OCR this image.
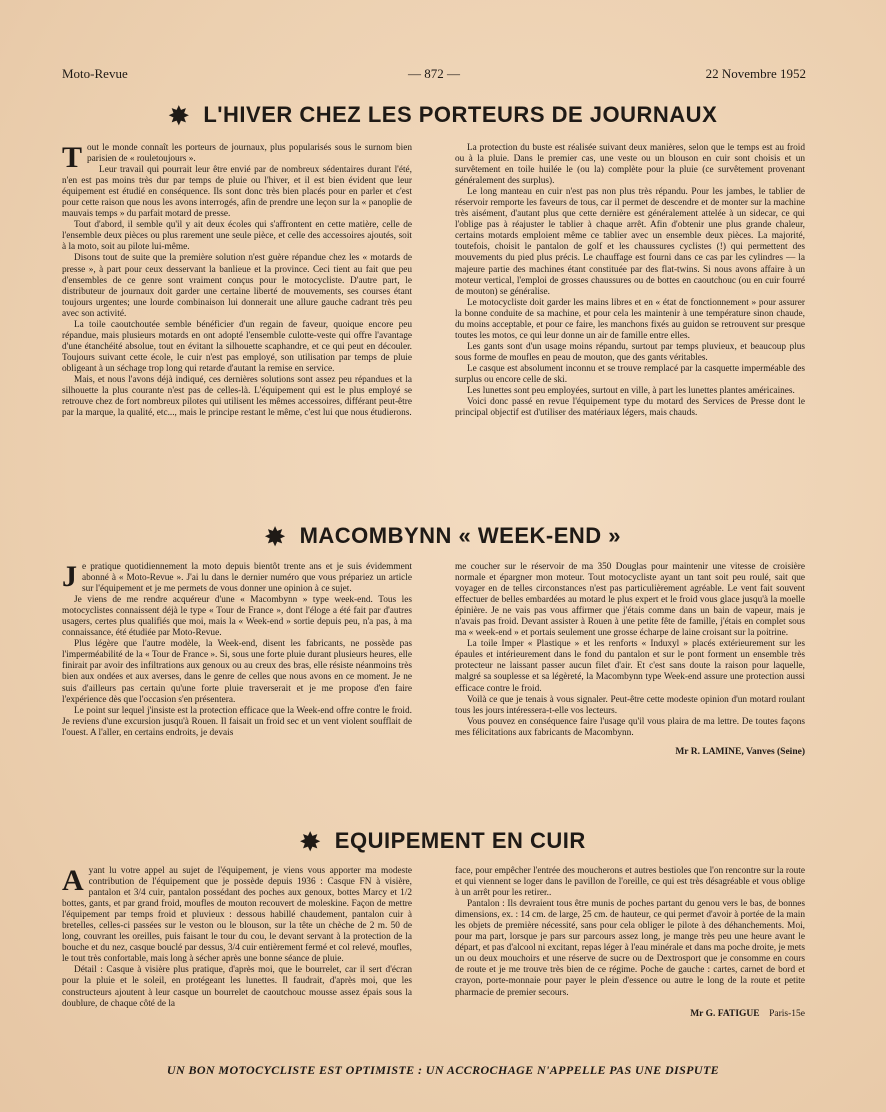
Moto-Revue	— 872 —	22 Novembre 1952
✸ L'HIVER CHEZ LES PORTEURS DE JOURNAUX

Tout le monde connaît les porteurs de journaux, plus popularisés sous le surnom bien parisien de « rouletoujours ».

Leur travail qui pourrait leur être envié par de nombreux sédentaires durant l'été, n'en est pas moins très dur par temps de pluie ou l'hiver, et il est bien évident que leur équipement est étudié en conséquence. Ils sont donc très bien placés pour en parler et c'est pour cette raison que nous les avons interrogés, afin de prendre une leçon sur la « panoplie de mauvais temps » du parfait motard de presse.

Tout d'abord, il semble qu'il y ait deux écoles qui s'affrontent en cette matière, celle de l'ensemble deux pièces ou plus rarement une seule pièce, et celle des accessoires ajoutés, soit à la moto, soit au pilote lui-même.

Disons tout de suite que la première solution n'est guère répandue chez les « motards de presse », à part pour ceux desservant la banlieue et la province. Ceci tient au fait que peu d'ensembles de ce genre sont vraiment conçus pour le motocycliste. D'autre part, le distributeur de journaux doit garder une certaine liberté de mouvements, ses courses étant toujours urgentes; une lourde combinaison lui donnerait une allure gauche cadrant très peu avec son activité.

La toile caoutchoutée semble bénéficier d'un regain de faveur, quoique encore peu répandue, mais plusieurs motards en ont adopté l'ensemble culotte-veste qui offre l'avantage d'une étanchéité absolue, tout en évitant la silhouette scaphandre, et ce qui peut en découler. Toujours suivant cette école, le cuir n'est pas employé, son utilisation par temps de pluie obligeant à un séchage trop long qui retarde d'autant la remise en service.

Mais, et nous l'avons déjà indiqué, ces dernières solutions sont assez peu répandues et la silhouette la plus courante n'est pas de celles-là. L'équipement qui est le plus employé se retrouve chez de fort nombreux pilotes qui utilisent les mêmes accessoires, différant peut-être par la marque, la qualité, etc..., mais le principe restant le même, c'est lui que nous étudierons.

La protection du buste est réalisée suivant deux manières, selon que le temps est au froid ou à la pluie. Dans le premier cas, une veste ou un blouson en cuir sont choisis et un survêtement en toile huilée le (ou la) complète pour la pluie (ce survêtement provenant généralement des surplus).

Le long manteau en cuir n'est pas non plus très répandu. Pour les jambes, le tablier de réservoir remporte les faveurs de tous, car il permet de descendre et de monter sur la machine très aisément, d'autant plus que cette dernière est généralement attelée à un sidecar, ce qui l'oblige pas à réajuster le tablier à chaque arrêt. Afin d'obtenir une plus grande chaleur, certains motards emploient même ce tablier avec un ensemble deux pièces. La majorité, toutefois, choisit le pantalon de golf et les chaussures cyclistes (!) qui permettent des mouvements du pied plus précis. Le chauffage est fourni dans ce cas par les cylindres — la majeure partie des machines étant constituée par des flat-twins. Si nous avons affaire à un moteur vertical, l'emploi de grosses chaussures ou de bottes en caoutchouc (ou en cuir fourré de mouton) se généralise.

Le motocycliste doit garder les mains libres et en « état de fonctionnement » pour assurer la bonne conduite de sa machine, et pour cela les maintenir à une température sinon chaude, du moins acceptable, et pour ce faire, les manchons fixés au guidon se retrouvent sur presque toutes les motos, ce qui leur donne un air de famille entre elles.

Les gants sont d'un usage moins répandu, surtout par temps pluvieux, et beaucoup plus sous forme de moufles en peau de mouton, que des gants véritables.

Le casque est absolument inconnu et se trouve remplacé par la casquette imperméable des surplus ou encore celle de ski.

Les lunettes sont peu employées, surtout en ville, à part les lunettes plantes américaines.

Voici donc passé en revue l'équipement type du motard des Services de Presse dont le principal objectif est d'utiliser des matériaux légers, mais chauds.

✸ MACOMBYNN « WEEK-END »

Je pratique quotidiennement la moto depuis bientôt trente ans et je suis évidemment abonné à « Moto-Revue ». J'ai lu dans le dernier numéro que vous prépariez un article sur l'équipement et je me permets de vous donner une opinion à ce sujet.

Je viens de me rendre acquéreur d'une « Macombynn » type week-end. Tous les motocyclistes connaissent déjà le type « Tour de France », dont l'éloge a été fait par d'autres usagers, certes plus qualifiés que moi, mais la « Week-end » sortie depuis peu, n'a pas, à ma connaissance, été étudiée par Moto-Revue.

Plus légère que l'autre modèle, la Week-end, disent les fabricants, ne possède pas l'imperméabilité de la « Tour de France ». Si, sous une forte pluie durant plusieurs heures, elle finirait par avoir des infiltrations aux genoux ou au creux des bras, elle résiste néanmoins très bien aux ondées et aux averses, dans le genre de celles que nous avons en ce moment. Je ne suis d'ailleurs pas certain qu'une forte pluie traverserait et je me propose d'en faire l'expérience dès que l'occasion s'en présentera.

Le point sur lequel j'insiste est la protection efficace que la Week-end offre contre le froid. Je reviens d'une excursion jusqu'à Rouen. Il faisait un froid sec et un vent violent soufflait de l'ouest. A l'aller, en certains endroits, je devais

me coucher sur le réservoir de ma 350 Douglas pour maintenir une vitesse de croisière normale et épargner mon moteur. Tout motocycliste ayant un tant soit peu roulé, sait que voyager en de telles circonstances n'est pas particulièrement agréable. Le vent fait souvent effectuer de belles embardées au motard le plus expert et le froid vous glace jusqu'à la moelle épinière. Je ne vais pas vous affirmer que j'étais comme dans un bain de vapeur, mais je n'avais pas froid. Devant assister à Rouen à une petite fête de famille, j'étais en complet sous ma « week-end » et portais seulement une grosse écharpe de laine croisant sur la poitrine.

La toile Imper « Plastique » et les renforts « Induxyl » placés extérieurement sur les épaules et intérieurement dans le fond du pantalon et sur le pont forment un ensemble très protecteur ne laissant passer aucun filet d'air. Et c'est sans doute la raison pour laquelle, malgré sa souplesse et sa légèreté, la Macombynn type Week-end assure une protection aussi efficace contre le froid.

Voilà ce que je tenais à vous signaler. Peut-être cette modeste opinion d'un motard roulant tous les jours intéressera-t-elle vos lecteurs.

Vous pouvez en conséquence faire l'usage qu'il vous plaira de ma lettre. De toutes façons mes félicitations aux fabricants de Macombynn.

Mr R. LAMINE, Vanves (Seine)
✸ EQUIPEMENT EN CUIR

Ayant lu votre appel au sujet de l'équipement, je viens vous apporter ma modeste contribution de l'équipement que je possède depuis 1936 : Casque FN à visière, pantalon et 3/4 cuir, pantalon possédant des poches aux genoux, bottes Marcy et 1/2 bottes, gants, et par grand froid, moufles de mouton recouvert de moleskine. Façon de mettre l'équipement par temps froid et pluvieux : dessous habillé chaudement, pantalon cuir à bretelles, celles-ci passées sur le veston ou le blouson, sur la tête un chèche de 2 m. 50 de long, couvrant les oreilles, puis faisant le tour du cou, le devant servant à la protection de la bouche et du nez, casque bouclé par dessus, 3/4 cuir entièrement fermé et col relevé, moufles, le tout très confortable, mais long à sécher après une bonne séance de pluie.

Détail : Casque à visière plus pratique, d'après moi, que le bourrelet, car il sert d'écran pour la pluie et le soleil, en protégeant les lunettes. Il faudrait, d'après moi, que les constructeurs ajoutent à leur casque un bourrelet de caoutchouc mousse assez épais sous la doublure, de chaque côté de la

face, pour empêcher l'entrée des moucherons et autres bestioles que l'on rencontre sur la route et qui viennent se loger dans le pavillon de l'oreille, ce qui est très désagréable et vous oblige à un arrêt pour les retirer..

Pantalon : Ils devraient tous être munis de poches partant du genou vers le bas, de bonnes dimensions, ex. : 14 cm. de large, 25 cm. de hauteur, ce qui permet d'avoir à portée de la main les objets de première nécessité, sans pour cela obliger le pilote à des déhanchements. Moi, pour ma part, lorsque je pars sur parcours assez long, je mange très peu une heure avant le départ, et pas d'alcool ni excitant, repas léger à l'eau minérale et dans ma poche droite, je mets un ou deux mouchoirs et une réserve de sucre ou de Dextrosport que je consomme en cours de route et je me trouve très bien de ce régime. Poche de gauche : cartes, carnet de bord et crayon, porte-monnaie pour payer le plein d'essence ou autre le long de la route et petite pharmacie de premier secours.

Mr G. FATIGUE Paris-15e
UN BON MOTOCYCLISTE EST OPTIMISTE : UN ACCROCHAGE N'APPELLE PAS UNE DISPUTE
